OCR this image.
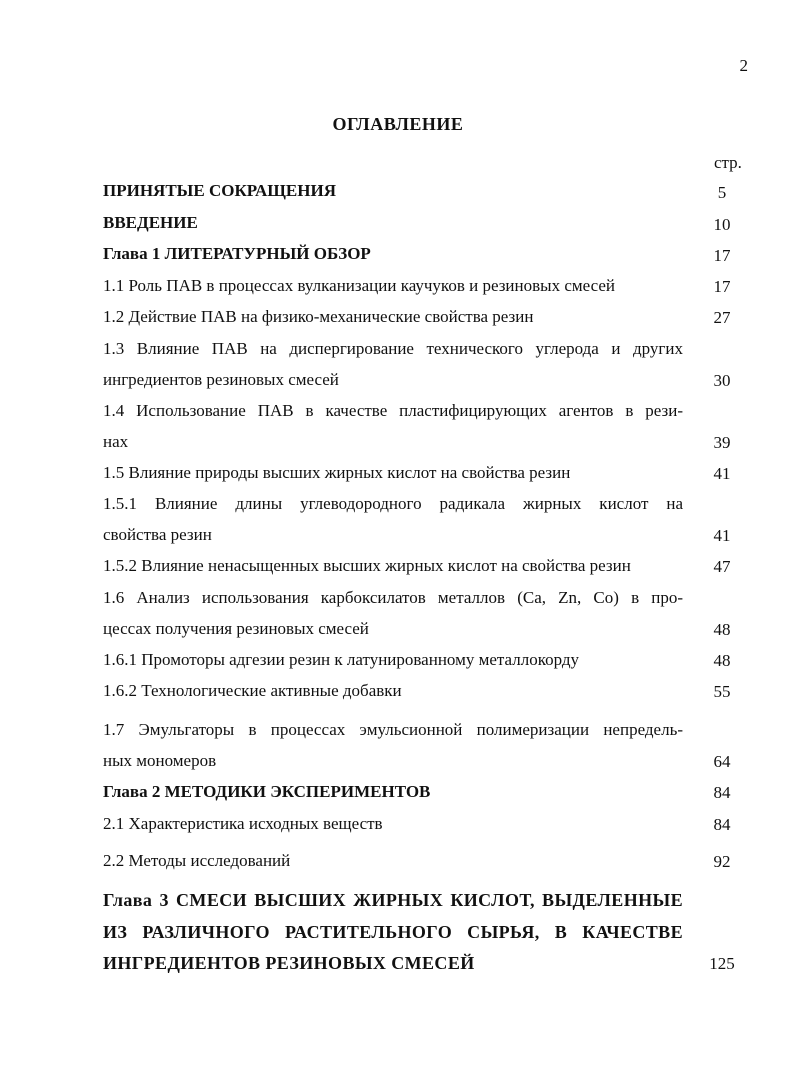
2
ОГЛАВЛЕНИЕ
стр.
ПРИНЯТЫЕ СОКРАЩЕНИЯ	5
ВВЕДЕНИЕ	10
Глава 1 ЛИТЕРАТУРНЫЙ ОБЗОР	17
1.1 Роль ПАВ в процессах вулканизации каучуков и резиновых смесей	17
1.2 Действие ПАВ на физико-механические свойства резин	27
1.3 Влияние ПАВ на диспергирование технического углерода и других
ингредиентов резиновых смесей	30
1.4 Использование ПАВ в качестве пластифицирующих агентов в рези-
нах	39
1.5 Влияние природы высших жирных кислот на свойства резин	41
1.5.1 Влияние длины углеводородного радикала жирных кислот на
свойства резин	41
1.5.2 Влияние ненасыщенных высших жирных кислот на свойства резин	47
1.6 Анализ использования карбоксилатов металлов (Ca, Zn, Co) в про-
цессах получения резиновых смесей	48
1.6.1 Промоторы адгезии резин к латунированному металлокорду	48
1.6.2 Технологические активные добавки	55
1.7 Эмульгаторы в процессах эмульсионной полимеризации непредель-
ных мономеров	64
Глава 2 МЕТОДИКИ ЭКСПЕРИМЕНТОВ	84
2.1 Характеристика исходных веществ	84
2.2 Методы исследований	92
Глава 3 СМЕСИ ВЫСШИХ ЖИРНЫХ КИСЛОТ, ВЫДЕЛЕННЫЕ
ИЗ РАЗЛИЧНОГО РАСТИТЕЛЬНОГО СЫРЬЯ, В КАЧЕСТВЕ
ИНГРЕДИЕНТОВ РЕЗИНОВЫХ СМЕСЕЙ	125
